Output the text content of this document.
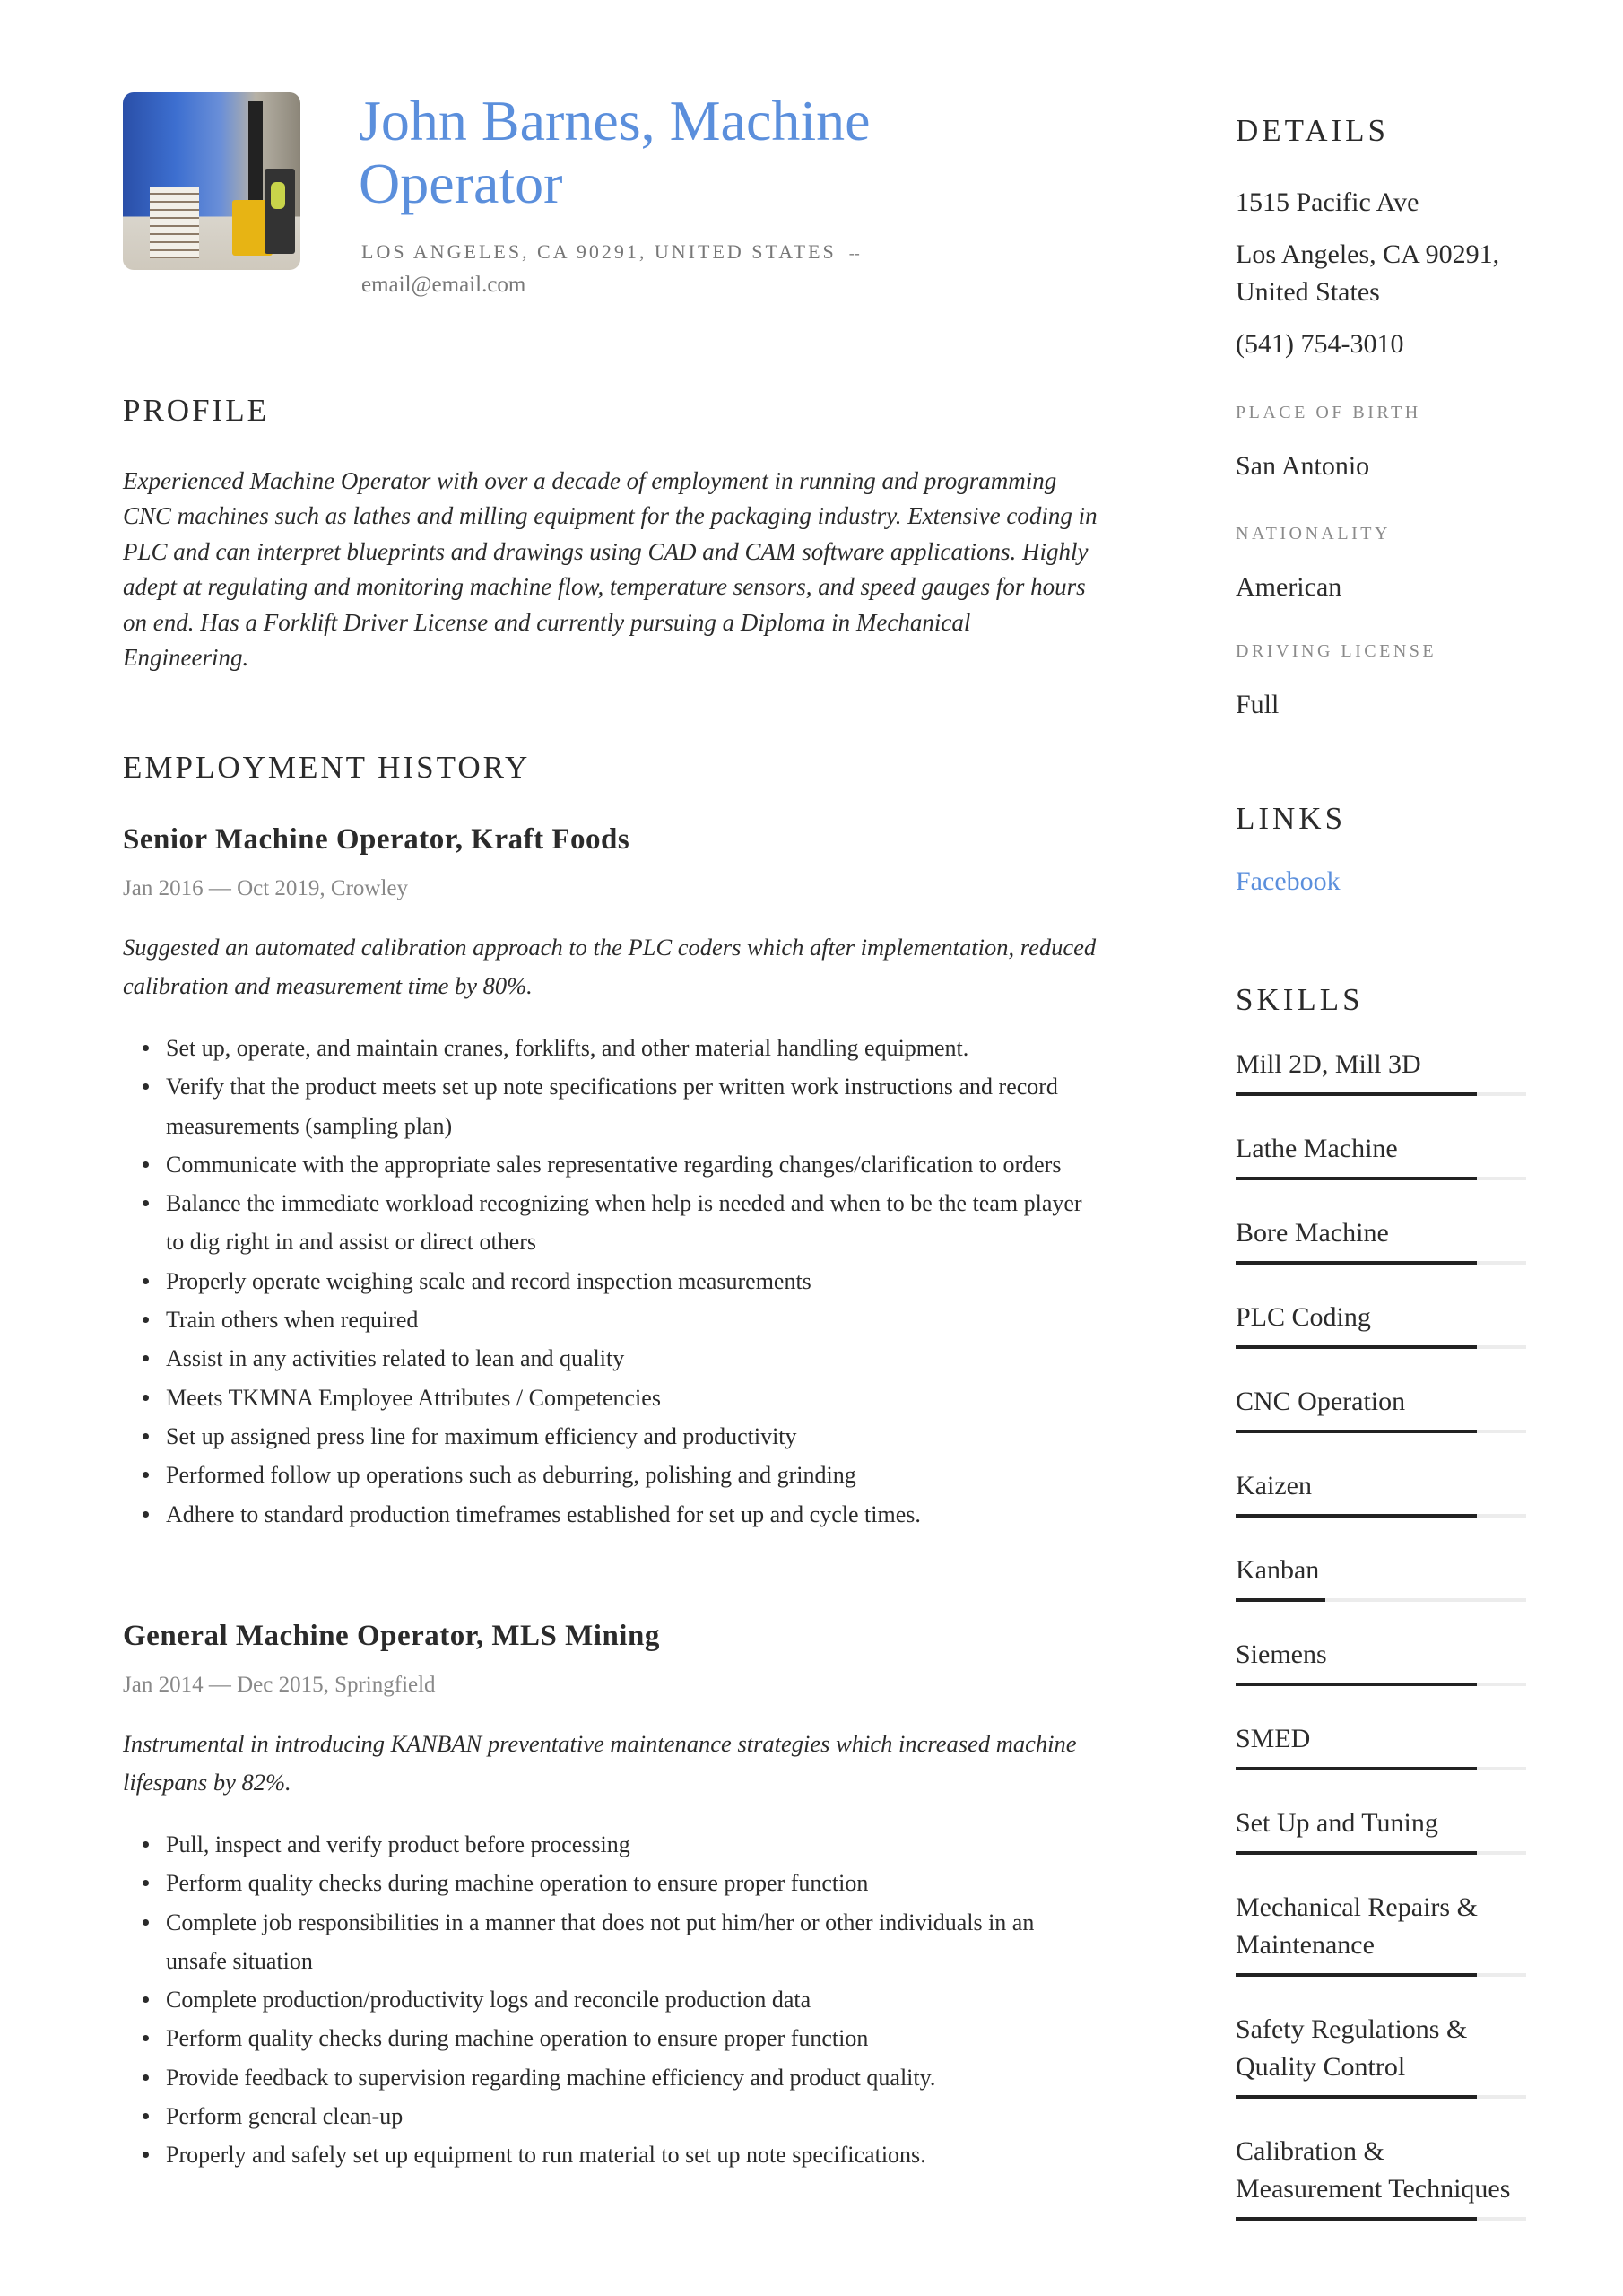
John Barnes, Machine
Operator
LOS ANGELES, CA 90291, UNITED STATES --
email@email.com
PROFILE

Experienced Machine Operator with over a decade of employment in running and programming CNC machines such as lathes and milling equipment for the packaging industry. Extensive coding in PLC and can interpret blueprints and drawings using CAD and CAM software applications. Highly adept at regulating and monitoring machine flow, temperature sensors, and speed gauges for hours on end. Has a Forklift Driver License and currently pursuing a Diploma in Mechanical Engineering.

EMPLOYMENT HISTORY
Senior Machine Operator, Kraft Foods
Jan 2016 — Oct 2019, Crowley
Suggested an automated calibration approach to the PLC coders which after implementation, reduced calibration and measurement time by 80%.
Set up, operate, and maintain cranes, forklifts, and other material handling equipment.
Verify that the product meets set up note specifications per written work instructions and record measurements (sampling plan)
Communicate with the appropriate sales representative regarding changes/clarification to orders
Balance the immediate workload recognizing when help is needed and when to be the team player to dig right in and assist or direct others
Properly operate weighing scale and record inspection measurements
Train others when required
Assist in any activities related to lean and quality
Meets TKMNA Employee Attributes / Competencies
Set up assigned press line for maximum efficiency and productivity
Performed follow up operations such as deburring, polishing and grinding
Adhere to standard production timeframes established for set up and cycle times.
General Machine Operator, MLS Mining
Jan 2014 — Dec 2015, Springfield
Instrumental in introducing KANBAN preventative maintenance strategies which increased machine lifespans by 82%.
Pull, inspect and verify product before processing
Perform quality checks during machine operation to ensure proper function
Complete job responsibilities in a manner that does not put him/her or other individuals in an unsafe situation
Complete production/productivity logs and reconcile production data
Perform quality checks during machine operation to ensure proper function
Provide feedback to supervision regarding machine efficiency and product quality.
Perform general clean-up
Properly and safely set up equipment to run material to set up note specifications.
DETAILS
1515 Pacific Ave
Los Angeles, CA 90291, United States
(541) 754-3010
PLACE OF BIRTH
San Antonio
NATIONALITY
American
DRIVING LICENSE
Full
LINKS
Facebook
SKILLS
Mill 2D, Mill 3D
Lathe Machine
Bore Machine
PLC Coding
CNC Operation
Kaizen
Kanban
Siemens
SMED
Set Up and Tuning
Mechanical Repairs & Maintenance
Safety Regulations & Quality Control
Calibration & Measurement Techniques
